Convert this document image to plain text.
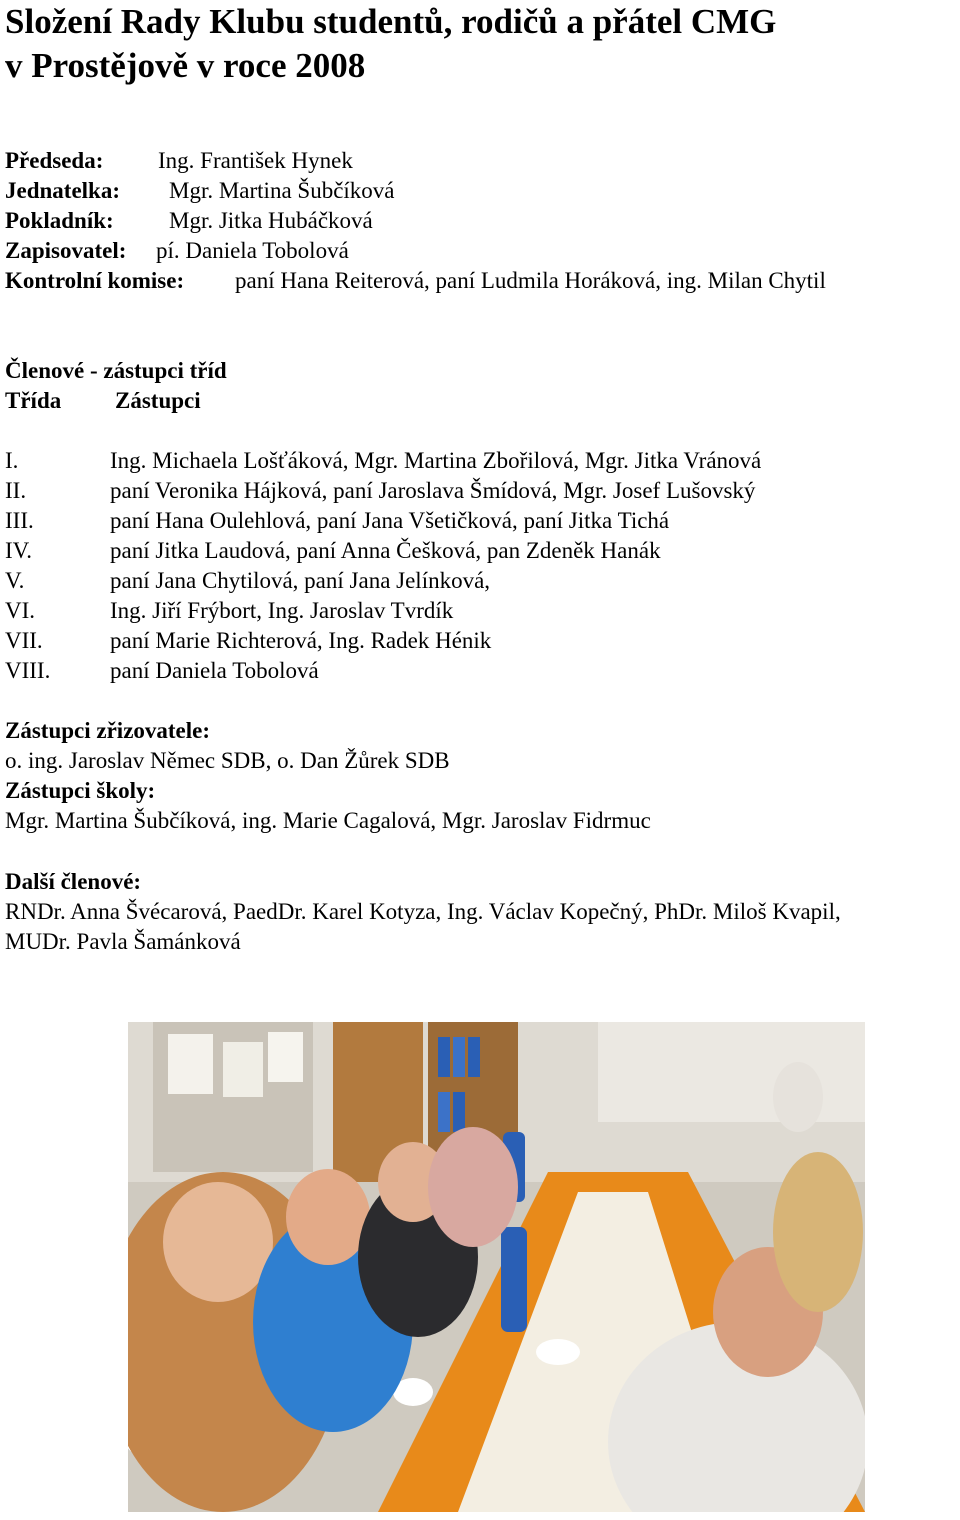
Složení Rady Klubu studentů, rodičů a přátel CMG
v Prostějově v roce 2008
Předseda: Ing. František Hynek
Jednatelka: Mgr. Martina Šubčíková
Pokladník: Mgr. Jitka Hubáčková
Zapisovatel: pí. Daniela Tobolová
Kontrolní komise: paní Hana Reiterová, paní Ludmila Horáková, ing. Milan Chytil
Členové - zástupci tříd
Třída Zástupci
I.	Ing. Michaela Lošťáková, Mgr. Martina Zbořilová, Mgr. Jitka Vránová
II.	paní Veronika Hájková, paní Jaroslava Šmídová, Mgr. Josef Lušovský
III.	paní Hana Oulehlová, paní Jana Všetičková, paní Jitka Tichá
IV.	paní Jitka Laudová, paní Anna Češková, pan Zdeněk Hanák
V.	paní Jana Chytilová, paní Jana Jelínková,
VI.	Ing. Jiří Frýbort, Ing. Jaroslav Tvrdík
VII.	paní Marie Richterová, Ing. Radek Hénik
VIII.	paní Daniela Tobolová
Zástupci zřizovatele:
o. ing. Jaroslav Němec SDB, o. Dan Žůrek SDB
Zástupci školy:
Mgr. Martina Šubčíková, ing. Marie Cagalová, Mgr. Jaroslav Fidrmuc
Další členové:
RNDr. Anna Švécarová, PaedDr. Karel Kotyza, Ing. Václav Kopečný, PhDr. Miloš Kvapil,
MUDr. Pavla Šamánková
